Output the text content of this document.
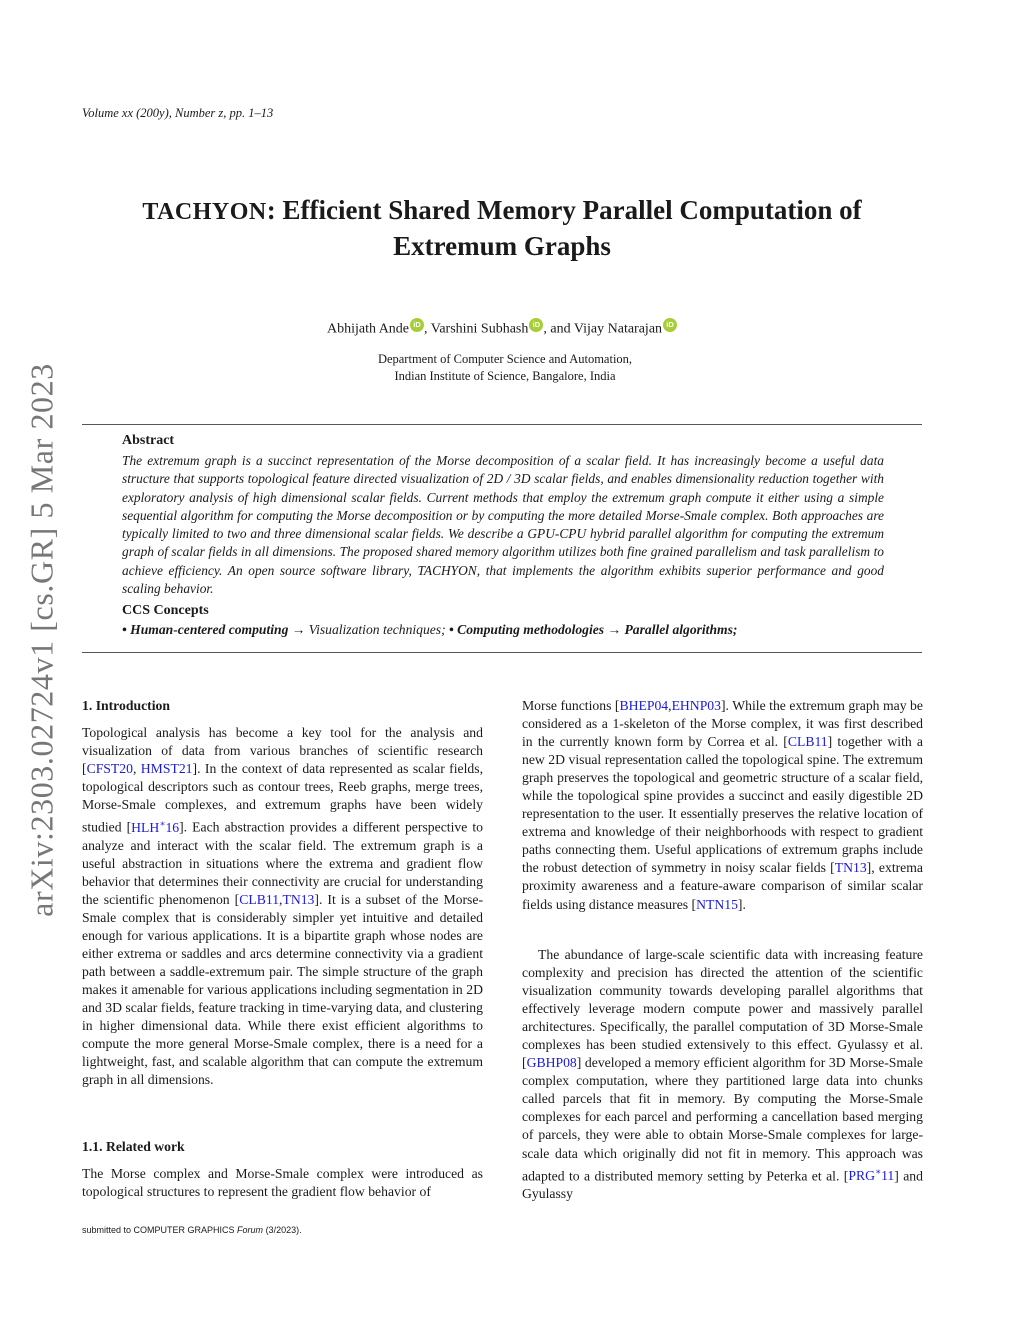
Volume xx (200y), Number z, pp. 1–13
arXiv:2303.02724v1 [cs.GR] 5 Mar 2023
TACHYON: Efficient Shared Memory Parallel Computation of
Extremum Graphs
Abhijath Ande iD , Varshini Subhash iD , and Vijay Natarajan iD
Department of Computer Science and Automation,
Indian Institute of Science, Bangalore, India
Abstract
The extremum graph is a succinct representation of the Morse decomposition of a scalar field. It has increasingly become a useful data structure that supports topological feature directed visualization of 2D / 3D scalar fields, and enables dimensionality reduction together with exploratory analysis of high dimensional scalar fields. Current methods that employ the extremum graph compute it either using a simple sequential algorithm for computing the Morse decomposition or by computing the more detailed Morse-Smale complex. Both approaches are typically limited to two and three dimensional scalar fields. We describe a GPU-CPU hybrid parallel algorithm for computing the extremum graph of scalar fields in all dimensions. The proposed shared memory algorithm utilizes both fine grained parallelism and task parallelism to achieve efficiency. An open source software library, TACHYON, that implements the algorithm exhibits superior performance and good scaling behavior.
CCS Concepts
• Human-centered computing → Visualization techniques; • Computing methodologies → Parallel algorithms;
1. Introduction

Topological analysis has become a key tool for the analysis and visualization of data from various branches of scientific research [CFST20, HMST21]. In the context of data represented as scalar fields, topological descriptors such as contour trees, Reeb graphs, merge trees, Morse-Smale complexes, and extremum graphs have been widely studied [HLH∗16]. Each abstraction provides a different perspective to analyze and interact with the scalar field. The extremum graph is a useful abstraction in situations where the extrema and gradient flow behavior that determines their connectivity are crucial for understanding the scientific phenomenon [CLB11,TN13]. It is a subset of the Morse-Smale complex that is considerably simpler yet intuitive and detailed enough for various applications. It is a bipartite graph whose nodes are either extrema or saddles and arcs determine connectivity via a gradient path between a saddle-extremum pair. The simple structure of the graph makes it amenable for various applications including segmentation in 2D and 3D scalar fields, feature tracking in time-varying data, and clustering in higher dimensional data. While there exist efficient algorithms to compute the more general Morse-Smale complex, there is a need for a lightweight, fast, and scalable algorithm that can compute the extremum graph in all dimensions.

1.1. Related work

The Morse complex and Morse-Smale complex were introduced as topological structures to represent the gradient flow behavior of

Morse functions [BHEP04,EHNP03]. While the extremum graph may be considered as a 1-skeleton of the Morse complex, it was first described in the currently known form by Correa et al. [CLB11] together with a new 2D visual representation called the topological spine. The extremum graph preserves the topological and geometric structure of a scalar field, while the topological spine provides a succinct and easily digestible 2D representation to the user. It essentially preserves the relative location of extrema and knowledge of their neighborhoods with respect to gradient paths connecting them. Useful applications of extremum graphs include the robust detection of symmetry in noisy scalar fields [TN13], extrema proximity awareness and a feature-aware comparison of similar scalar fields using distance measures [NTN15].

The abundance of large-scale scientific data with increasing feature complexity and precision has directed the attention of the scientific visualization community towards developing parallel algorithms that effectively leverage modern compute power and massively parallel architectures. Specifically, the parallel computation of 3D Morse-Smale complexes has been studied extensively to this effect. Gyulassy et al. [GBHP08] developed a memory efficient algorithm for 3D Morse-Smale complex computation, where they partitioned large data into chunks called parcels that fit in memory. By computing the Morse-Smale complexes for each parcel and performing a cancellation based merging of parcels, they were able to obtain Morse-Smale complexes for large-scale data which originally did not fit in memory. This approach was adapted to a distributed memory setting by Peterka et al. [PRG∗11] and Gyulassy

submitted to COMPUTER GRAPHICS Forum (3/2023).
